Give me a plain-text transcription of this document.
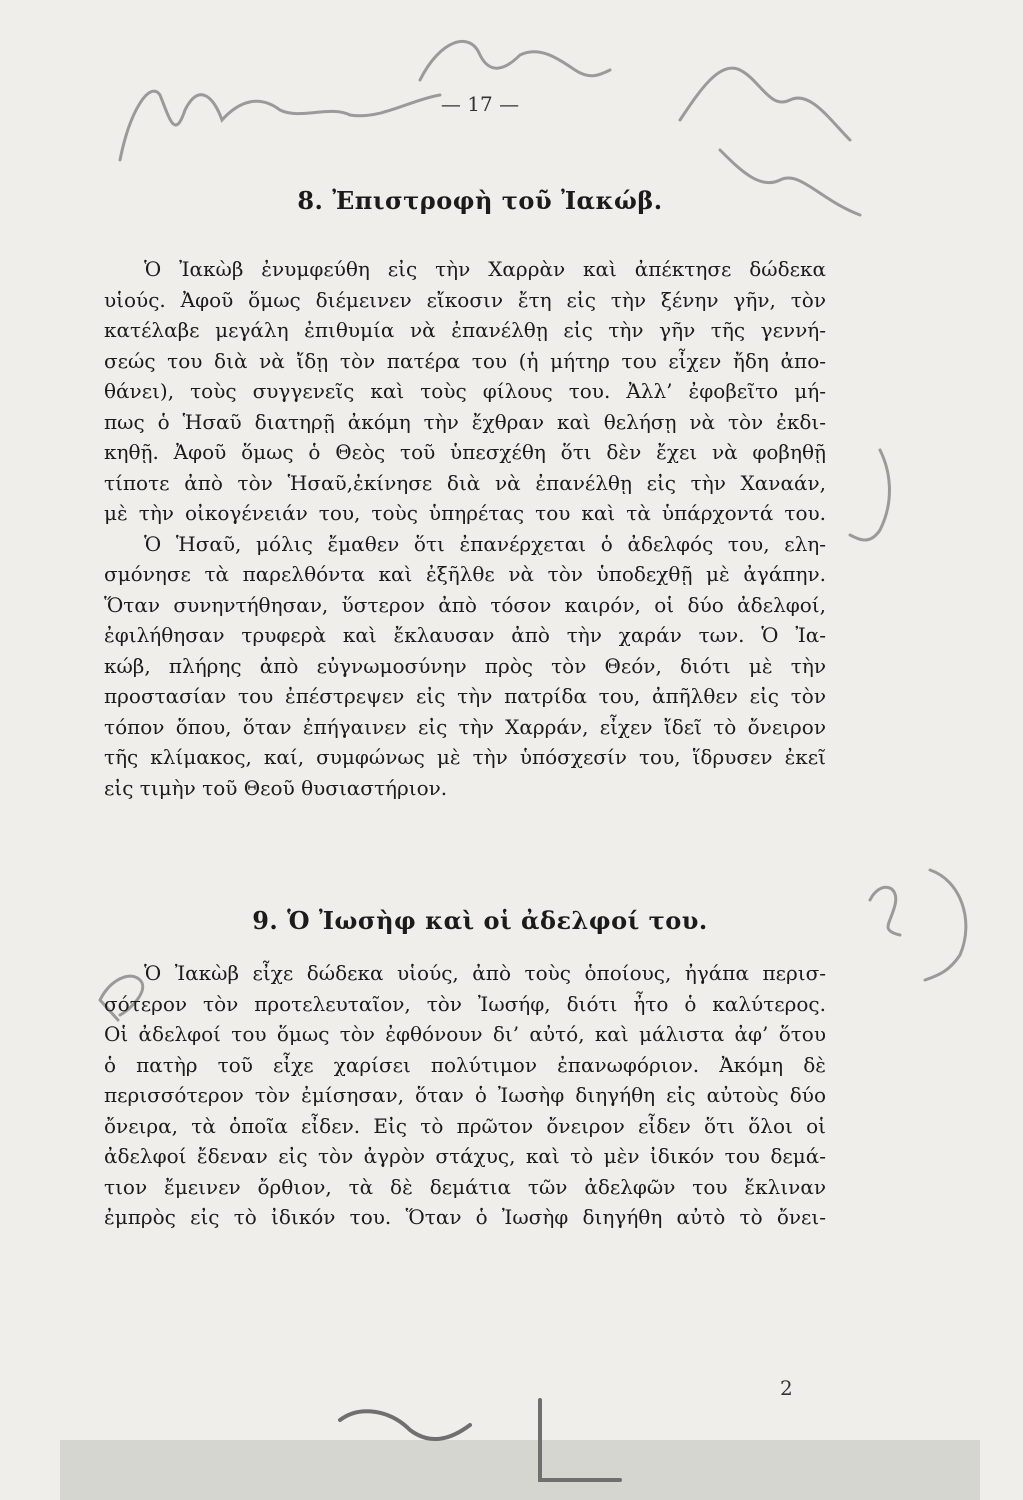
— 17 —
8. Ἐπιστροφὴ τοῦ Ἰακώβ.
Ὁ Ἰακὼβ ἐνυμφεύθη εἰς τὴν Χαρρὰν καὶ ἀπέκτησε δώδεκα
υἱούς. Ἀφοῦ ὅμως διέμεινεν εἴκοσιν ἔτη εἰς τὴν ξένην γῆν, τὸν
κατέλαβε μεγάλη ἐπιθυμία νὰ ἐπανέλθῃ εἰς τὴν γῆν τῆς γεννή-
σεώς του διὰ νὰ ἴδῃ τὸν πατέρα του (ἡ μήτηρ του εἶχεν ἤδη ἀπο-
θάνει), τοὺς συγγενεῖς καὶ τοὺς φίλους του. Ἀλλ’ ἐφοβεῖτο μή-
πως ὁ Ἡσαῦ διατηρῇ ἀκόμη τὴν ἔχθραν καὶ θελήσῃ νὰ τὸν ἐκδι-
κηθῇ. Ἀφοῦ ὅμως ὁ Θεὸς τοῦ ὑπεσχέθη ὅτι δὲν ἔχει νὰ φοβηθῇ
τίποτε ἀπὸ τὸν Ἡσαῦ,ἐκίνησε διὰ νὰ ἐπανέλθῃ εἰς τὴν Χαναάν,
μὲ τὴν οἰκογένειάν του, τοὺς ὑπηρέτας του καὶ τὰ ὑπάρχοντά του.
Ὁ Ἡσαῦ, μόλις ἔμαθεν ὅτι ἐπανέρχεται ὁ ἀδελφός του, ελη-
σμόνησε τὰ παρελθόντα καὶ ἐξῆλθε νὰ τὸν ὑποδεχθῇ μὲ ἀγάπην.
Ὅταν συνηντήθησαν, ὕστερον ἀπὸ τόσον καιρόν, οἱ δύο ἀδελφοί,
ἐφιλήθησαν τρυφερὰ καὶ ἔκλαυσαν ἀπὸ τὴν χαράν των. Ὁ Ἰα-
κώβ, πλήρης ἀπὸ εὐγνωμοσύνην πρὸς τὸν Θεόν, διότι μὲ τὴν
προστασίαν του ἐπέστρεψεν εἰς τὴν πατρίδα του, ἀπῆλθεν εἰς τὸν
τόπον ὅπου, ὅταν ἐπήγαινεν εἰς τὴν Χαρράν, εἶχεν ἴδεῖ τὸ ὄνειρον
τῆς κλίμακος, καί, συμφώνως μὲ τὴν ὑπόσχεσίν του, ἵδρυσεν ἐκεῖ
εἰς τιμὴν τοῦ Θεοῦ θυσιαστήριον.
9. Ὁ Ἰωσὴφ καὶ οἱ ἀδελφοί του.
Ὁ Ἰακὼβ εἶχε δώδεκα υἱούς, ἀπὸ τοὺς ὁποίους, ἠγάπα περισ-
σότερον τὸν προτελευταῖον, τὸν Ἰωσήφ, διότι ἦτο ὁ καλύτερος.
Οἱ ἀδελφοί του ὅμως τὸν ἐφθόνουν δι’ αὐτό, καὶ μάλιστα ἀφ’ ὅτου
ὁ πατὴρ τοῦ εἶχε χαρίσει πολύτιμον ἐπανωφόριον. Ἀκόμη δὲ
περισσότερον τὸν ἐμίσησαν, ὅταν ὁ Ἰωσὴφ διηγήθη εἰς αὐτοὺς δύο
ὄνειρα, τὰ ὁποῖα εἶδεν. Εἰς τὸ πρῶτον ὄνειρον εἶδεν ὅτι ὅλοι οἱ
ἀδελφοί ἔδεναν εἰς τὸν ἀγρὸν στάχυς, καὶ τὸ μὲν ἰδικόν του δεμά-
τιον ἔμεινεν ὄρθιον, τὰ δὲ δεμάτια τῶν ἀδελφῶν του ἔκλιναν
ἐμπρὸς εἰς τὸ ἰδικόν του. Ὅταν ὁ Ἰωσὴφ διηγήθη αὐτὸ τὸ ὄνει-
2
